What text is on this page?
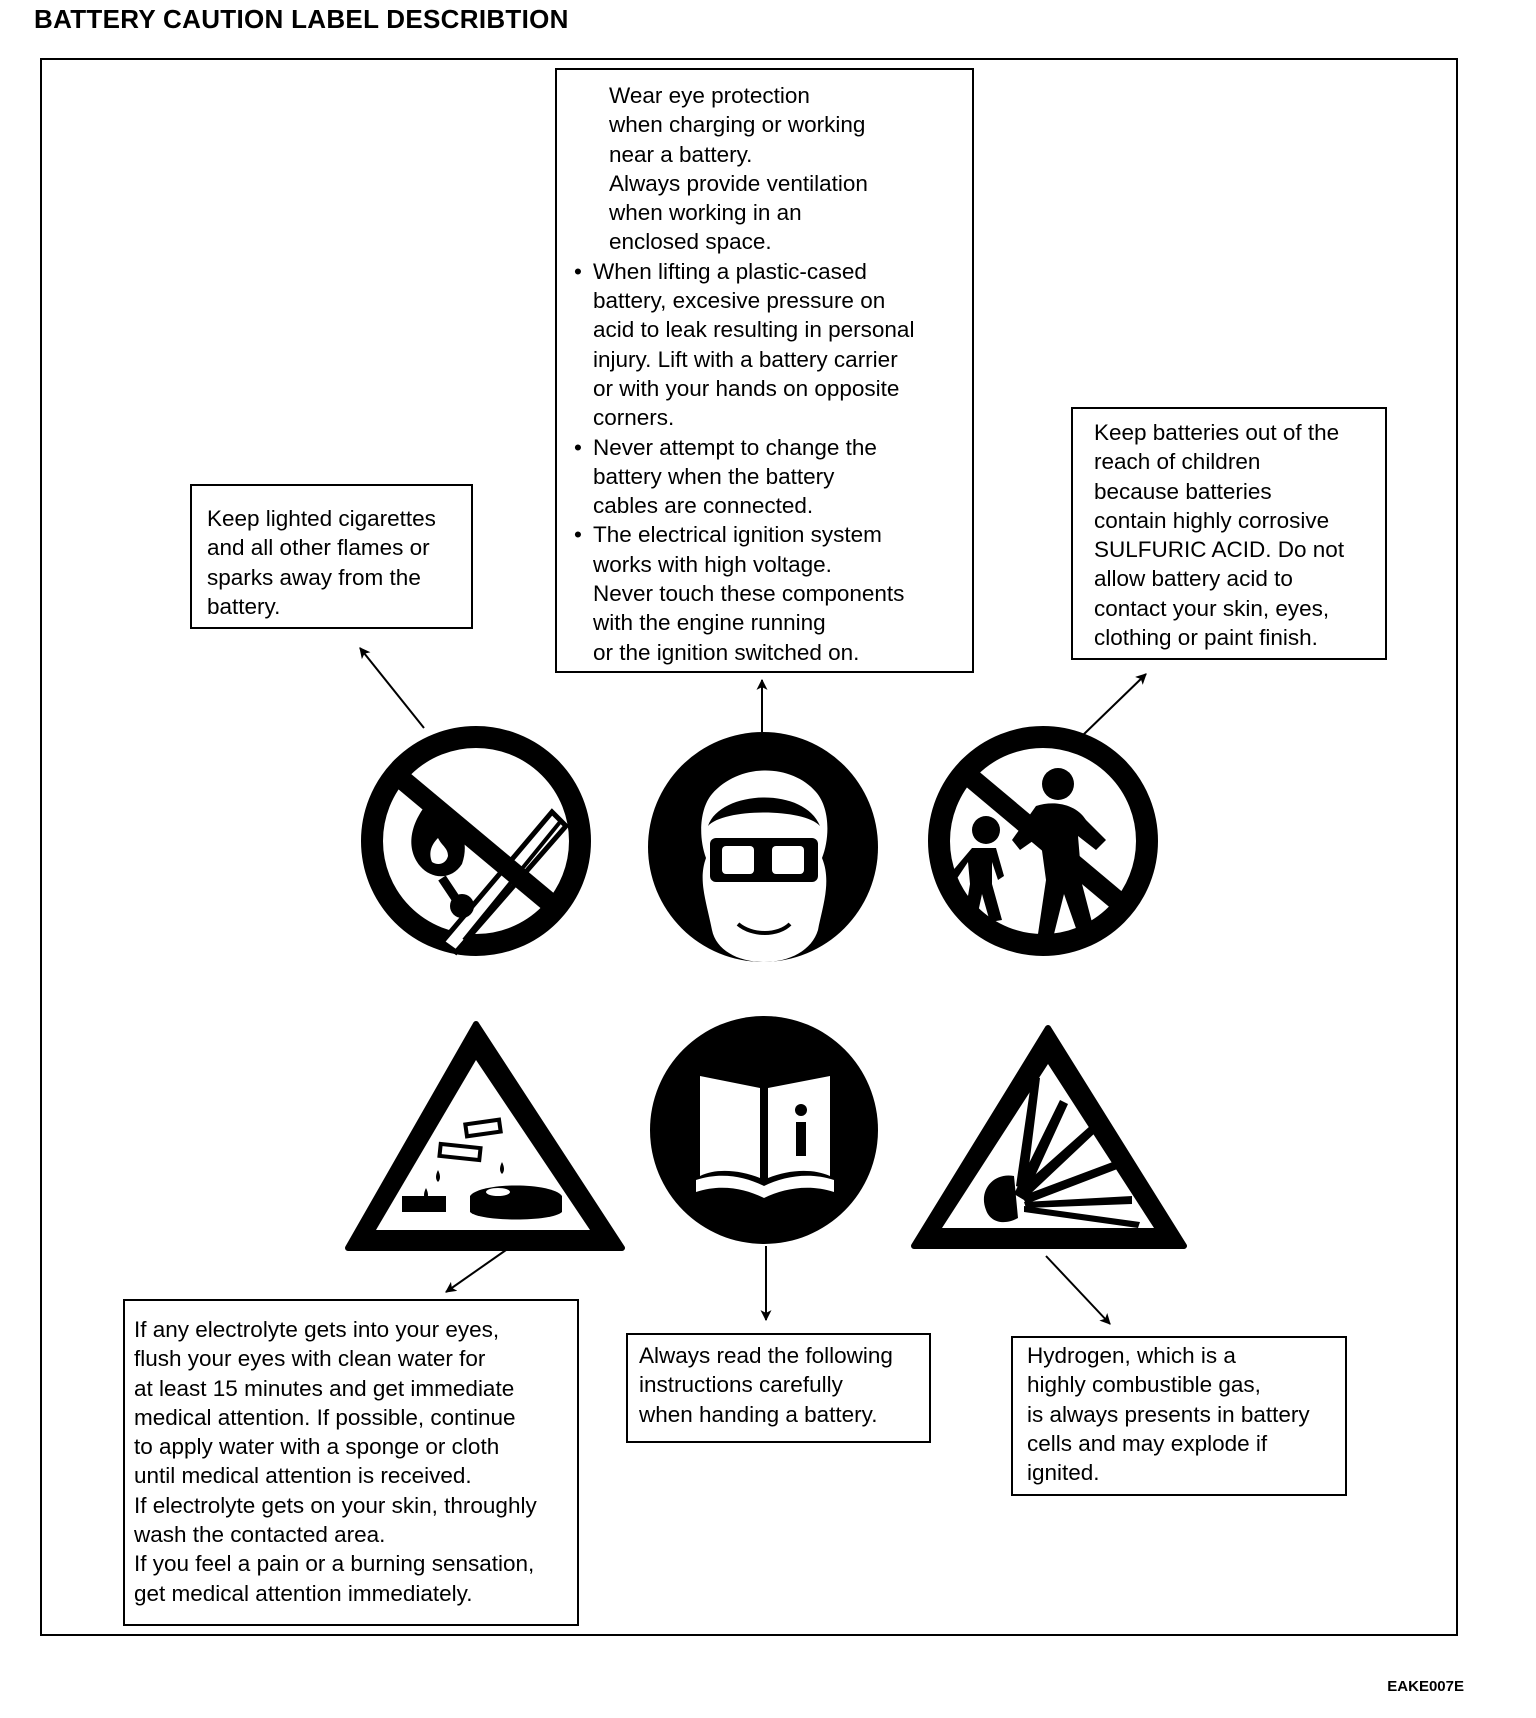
BATTERY CAUTION LABEL DESCRIBTION
Keep lighted cigarettes
and all other flames or
sparks away from the
battery.
Wear eye protection
when charging or working
near a battery.
Always provide ventilation
when working in an
enclosed space.
• When lifting a plastic-cased
battery, excesive pressure on
acid to leak resulting in personal
injury. Lift with a battery carrier
or with your hands on opposite
corners.
• Never attempt to change the
battery when the battery
cables are connected.
• The electrical ignition system
works with high voltage.
Never touch these components
with the engine running
or the ignition switched on.
Keep batteries out of the
reach of children
because batteries
contain highly corrosive
SULFURIC ACID. Do not
allow battery acid to
contact your skin, eyes,
clothing or paint finish.
If any electrolyte gets into your eyes,
flush your eyes with clean water for
at least 15 minutes and get immediate
medical attention. If possible, continue
to apply water with a sponge or cloth
until medical attention is received.
If electrolyte gets on your skin, throughly
wash the contacted area.
If you feel a pain or a burning sensation,
get medical attention immediately.
Always read the following
instructions carefully
when handing a battery.
Hydrogen, which is a
highly combustible gas,
is always presents in battery
cells and may explode if
ignited.
EAKE007E
